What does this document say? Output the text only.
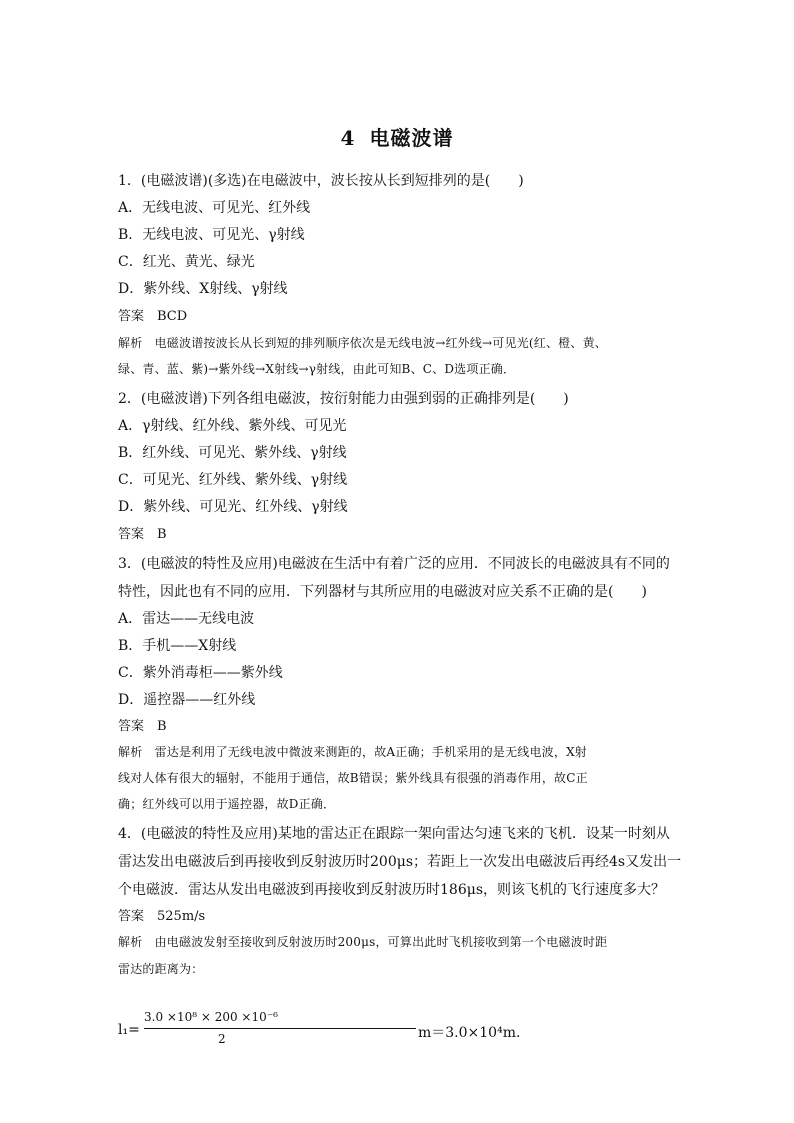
4 电磁波谱
1．(电磁波谱)(多选)在电磁波中，波长按从长到短排列的是(　　)
A．无线电波、可见光、红外线
B．无线电波、可见光、γ射线
C．红光、黄光、绿光
D．紫外线、X射线、γ射线
答案　BCD
解析　电磁波谱按波长从长到短的排列顺序依次是无线电波→红外线→可见光(红、橙、黄、
绿、青、蓝、紫)→紫外线→X射线→γ射线，由此可知B、C、D选项正确．
2．(电磁波谱)下列各组电磁波，按衍射能力由强到弱的正确排列是(　　)
A．γ射线、红外线、紫外线、可见光
B．红外线、可见光、紫外线、γ射线
C．可见光、红外线、紫外线、γ射线
D．紫外线、可见光、红外线、γ射线
答案　B
3．(电磁波的特性及应用)电磁波在生活中有着广泛的应用．不同波长的电磁波具有不同的
特性，因此也有不同的应用．下列器材与其所应用的电磁波对应关系不正确的是(　　)
A．雷达——无线电波
B．手机——X射线
C．紫外消毒柜——紫外线
D．遥控器——红外线
答案　B
解析　雷达是利用了无线电波中微波来测距的，故A正确；手机采用的是无线电波，X射
线对人体有很大的辐射，不能用于通信，故B错误；紫外线具有很强的消毒作用，故C正
确；红外线可以用于遥控器，故D正确．
4．(电磁波的特性及应用)某地的雷达正在跟踪一架向雷达匀速飞来的飞机．设某一时刻从
雷达发出电磁波后到再接收到反射波历时200μs；若距上一次发出电磁波后再经4s又发出一
个电磁波．雷达从发出电磁波到再接收到反射波历时186μs，则该飞机的飞行速度多大？
答案　525m/s
解析　由电磁波发射至接收到反射波历时200μs，可算出此时飞机接收到第一个电磁波时距
雷达的距离为：
l₁=
3.0 ×10⁸ × 200 ×10⁻⁶
2	m＝3.0×10⁴m.
